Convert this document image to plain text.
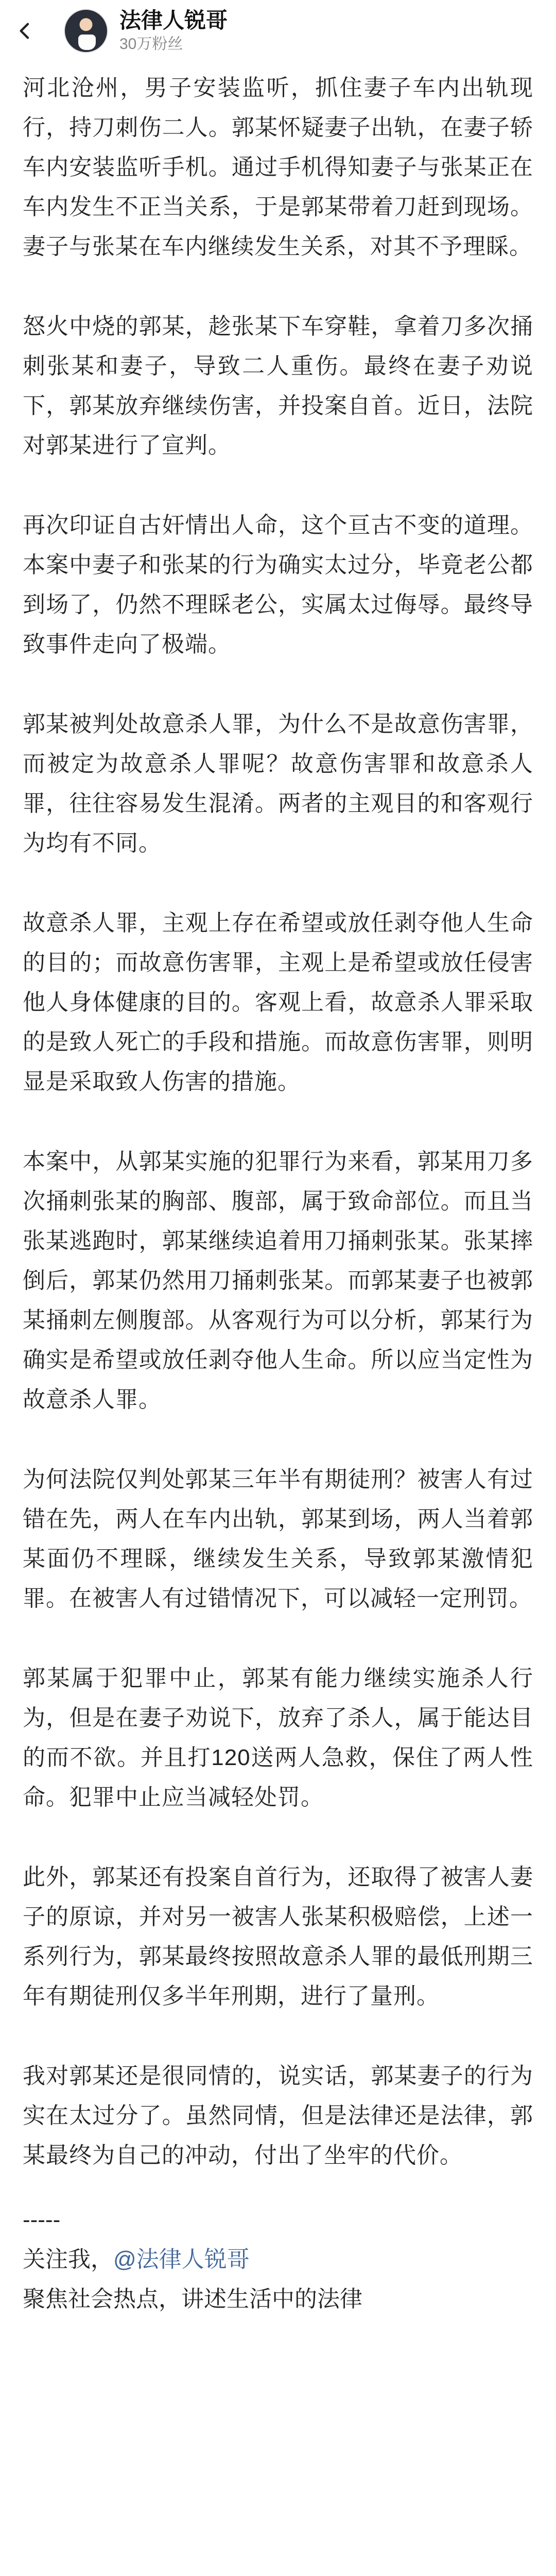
法律人锐哥
30万粉丝

河北沧州，男子安装监听，抓住妻子车内出轨现行，持刀刺伤二人。郭某怀疑妻子出轨，在妻子轿车内安装监听手机。通过手机得知妻子与张某正在车内发生不正当关系，于是郭某带着刀赶到现场。妻子与张某在车内继续发生关系，对其不予理睬。

怒火中烧的郭某，趁张某下车穿鞋，拿着刀多次捅刺张某和妻子，导致二人重伤。最终在妻子劝说下，郭某放弃继续伤害，并投案自首。近日，法院对郭某进行了宣判。

再次印证自古奸情出人命，这个亘古不变的道理。本案中妻子和张某的行为确实太过分，毕竟老公都到场了，仍然不理睬老公，实属太过侮辱。最终导致事件走向了极端。

郭某被判处故意杀人罪，为什么不是故意伤害罪，而被定为故意杀人罪呢？故意伤害罪和故意杀人罪，往往容易发生混淆。两者的主观目的和客观行为均有不同。

故意杀人罪，主观上存在希望或放任剥夺他人生命的目的；而故意伤害罪，主观上是希望或放任侵害他人身体健康的目的。客观上看，故意杀人罪采取的是致人死亡的手段和措施。而故意伤害罪，则明显是采取致人伤害的措施。

本案中，从郭某实施的犯罪行为来看，郭某用刀多次捅刺张某的胸部、腹部，属于致命部位。而且当张某逃跑时，郭某继续追着用刀捅刺张某。张某摔倒后，郭某仍然用刀捅刺张某。而郭某妻子也被郭某捅刺左侧腹部。从客观行为可以分析，郭某行为确实是希望或放任剥夺他人生命。所以应当定性为故意杀人罪。

为何法院仅判处郭某三年半有期徒刑？被害人有过错在先，两人在车内出轨，郭某到场，两人当着郭某面仍不理睬，继续发生关系，导致郭某激情犯罪。在被害人有过错情况下，可以减轻一定刑罚。

郭某属于犯罪中止，郭某有能力继续实施杀人行为，但是在妻子劝说下，放弃了杀人，属于能达目的而不欲。并且打120送两人急救，保住了两人性命。犯罪中止应当减轻处罚。

此外，郭某还有投案自首行为，还取得了被害人妻子的原谅，并对另一被害人张某积极赔偿，上述一系列行为，郭某最终按照故意杀人罪的最低刑期三年有期徒刑仅多半年刑期，进行了量刑。

我对郭某还是很同情的，说实话，郭某妻子的行为实在太过分了。虽然同情，但是法律还是法律，郭某最终为自己的冲动，付出了坐牢的代价。

-----
关注我，@法律人锐哥
聚焦社会热点，讲述生活中的法律
